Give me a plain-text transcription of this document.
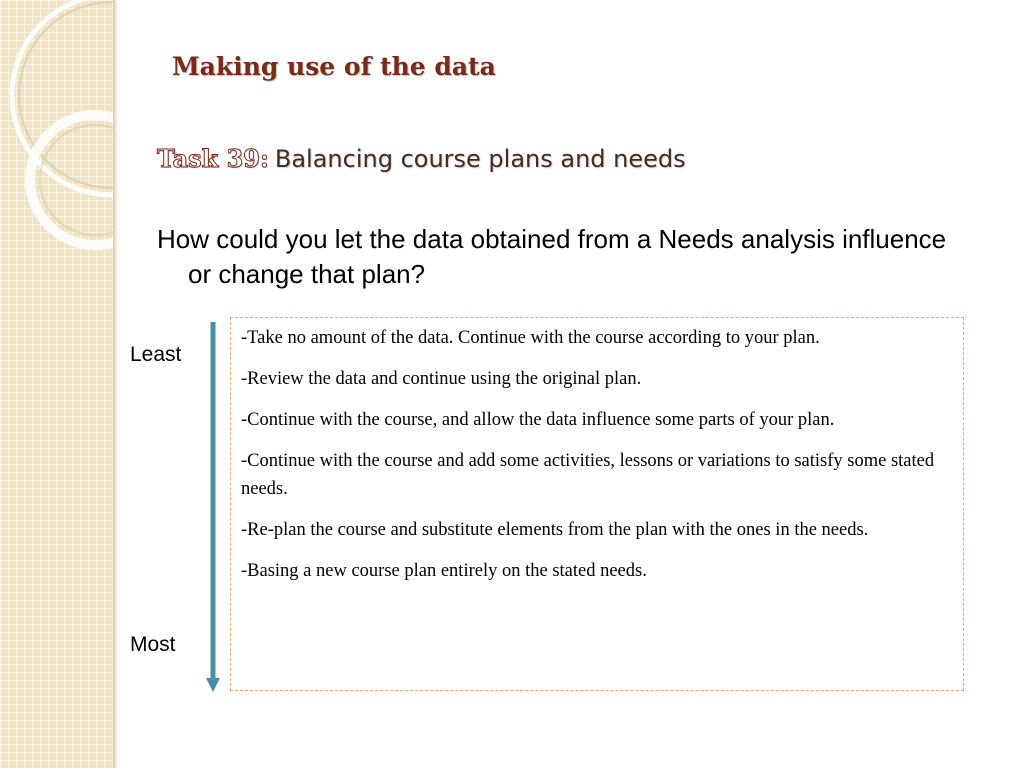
Making use of the data
Task 39: Balancing course plans and needs
How could you let the data obtained from a Needs analysis influence or change that plan?
Least
Most

-Take no amount of the data. Continue with the course according to your plan.

-Review the data and continue using the original plan.

-Continue with the course, and allow the data influence some parts of your plan.

-Continue with the course and add some activities, lessons or variations to satisfy some stated needs.

-Re-plan the course and substitute elements from the plan with the ones in the needs.

-Basing a new course plan entirely on the stated needs.
